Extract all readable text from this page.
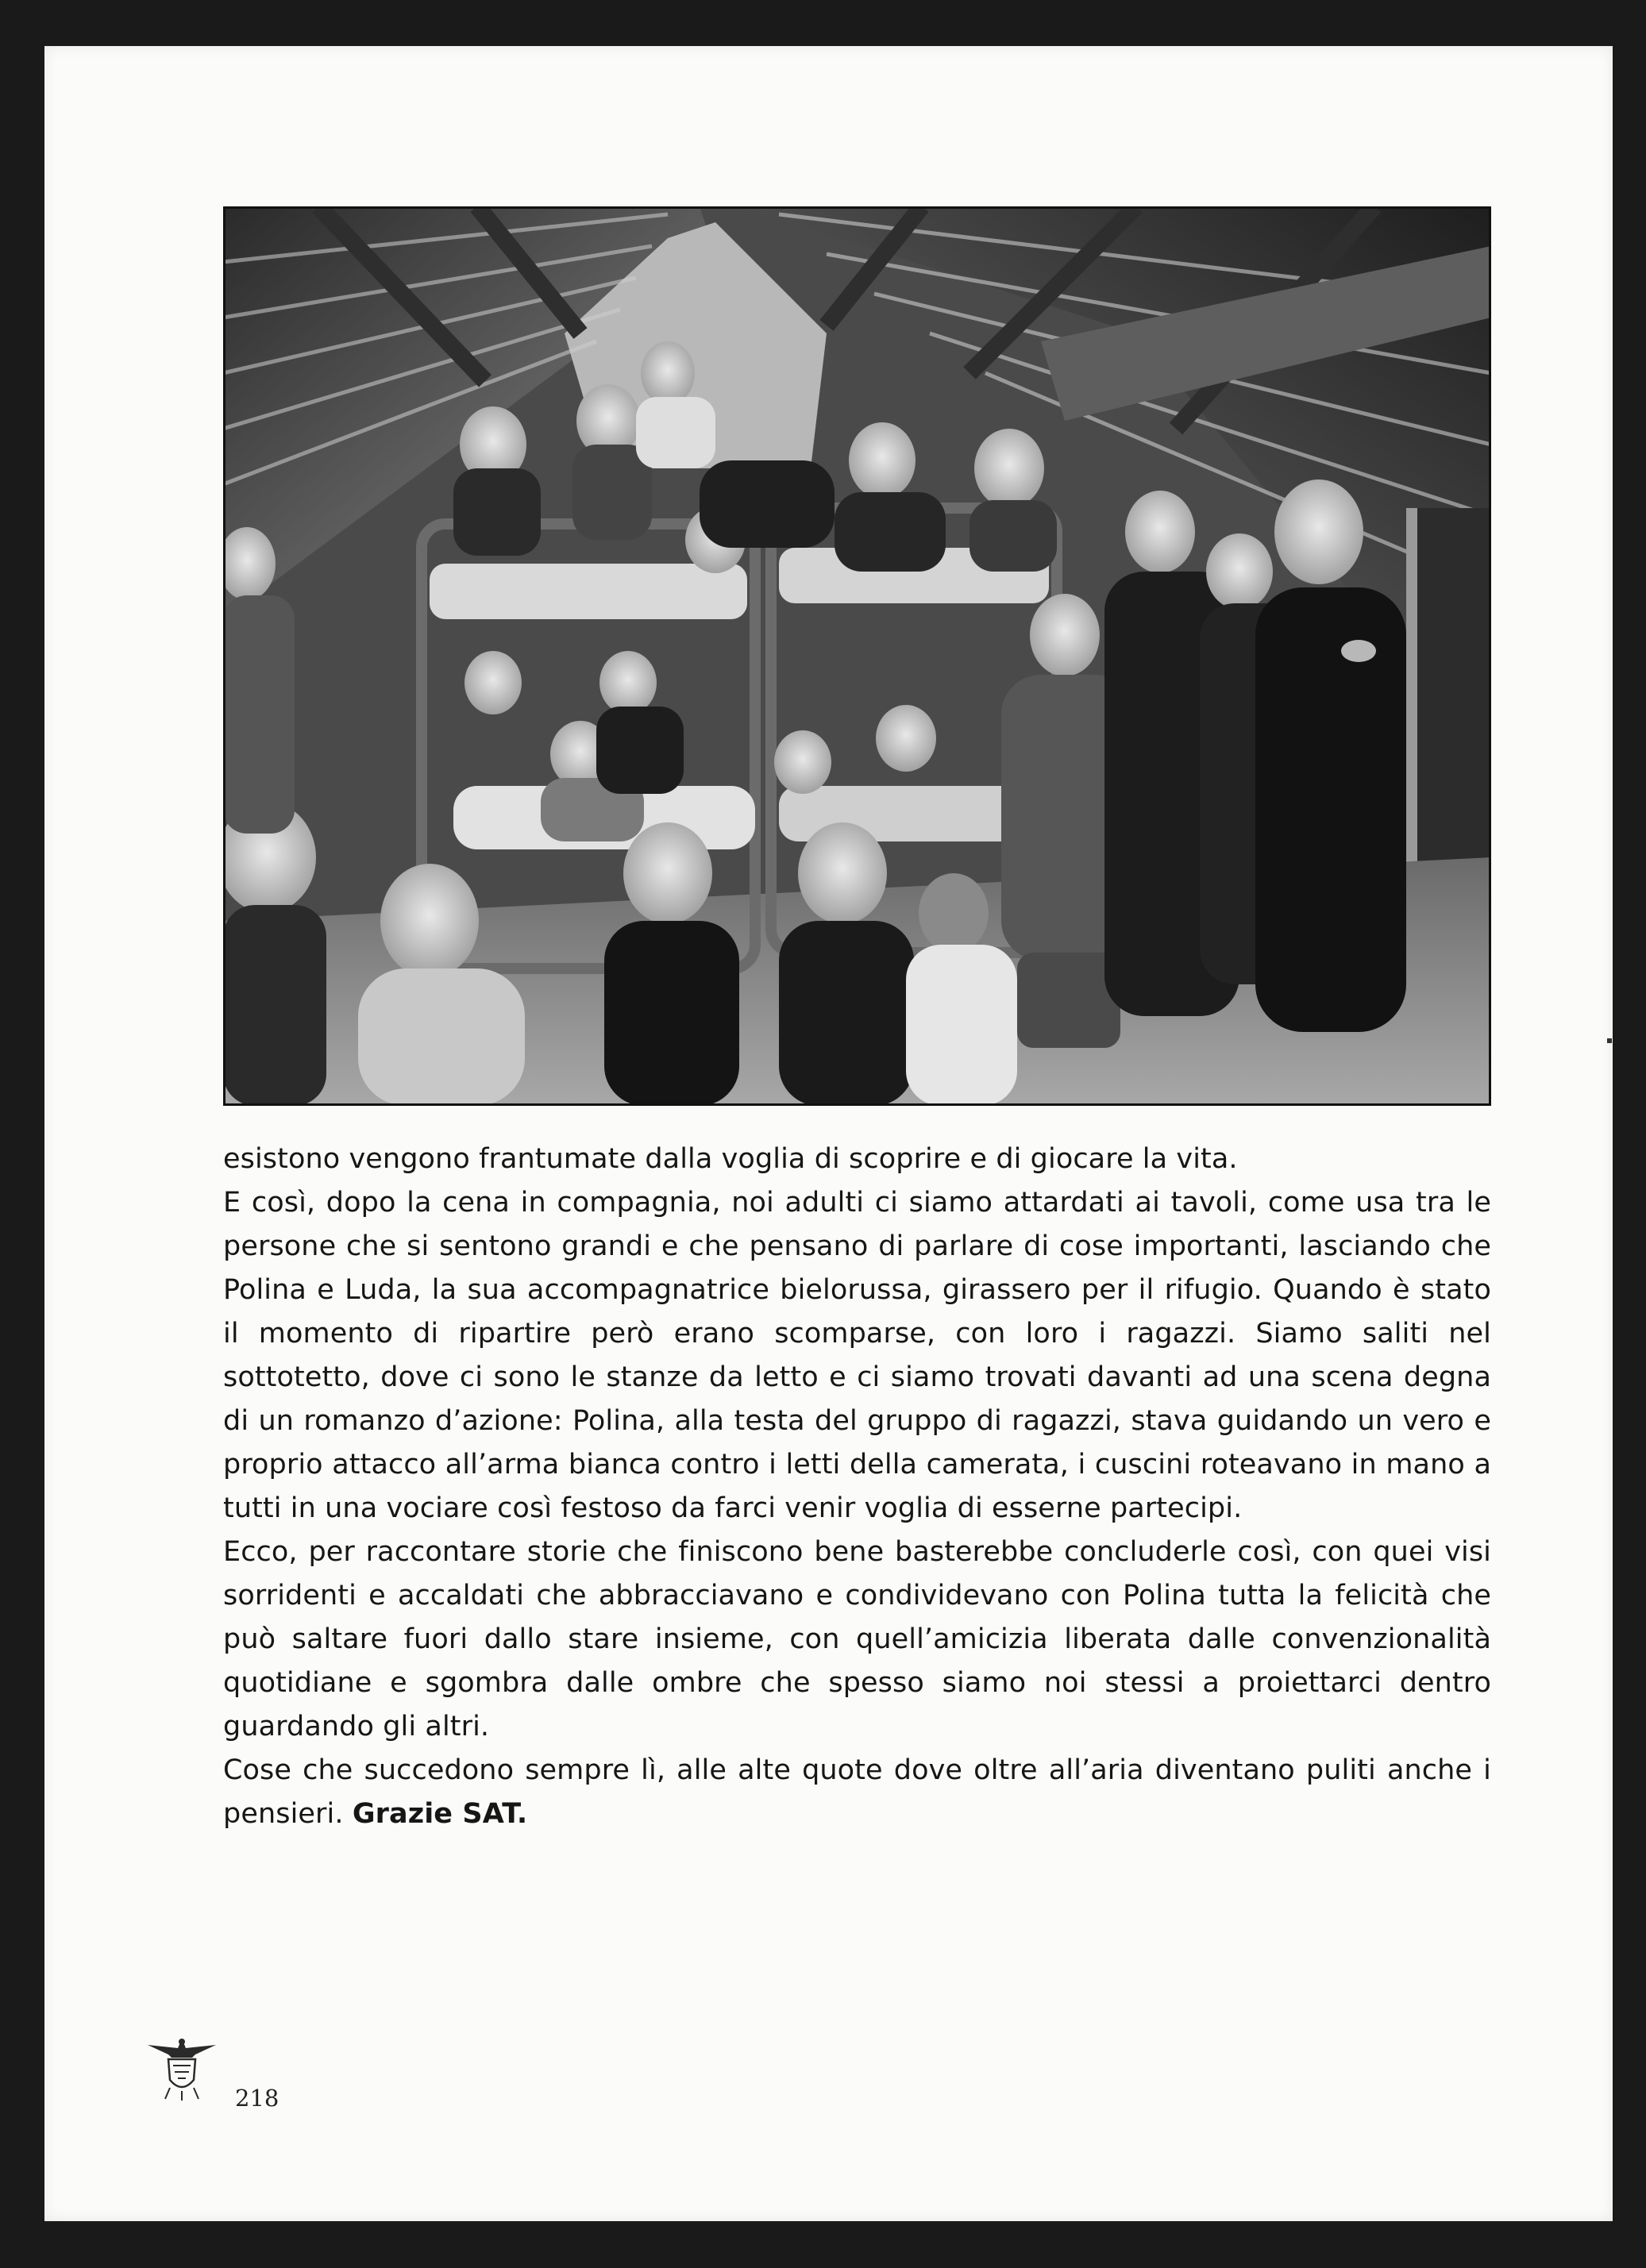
esistono vengono frantumate dalla voglia di scoprire e di giocare la vita.

E così, dopo la cena in compagnia, noi adulti ci siamo attardati ai tavoli, come usa tra le persone che si sentono grandi e che pensano di parlare di cose importanti, lasciando che Polina e Luda, la sua accompagnatrice bielorussa, girassero per il rifugio. Quando è stato il momento di ripartire però erano scomparse, con loro i ragazzi. Siamo saliti nel sottotetto, dove ci sono le stanze da letto e ci siamo trovati davanti ad una scena degna di un romanzo d’azione: Polina, alla testa del gruppo di ragazzi, stava guidando un vero e proprio attacco all’arma bianca contro i letti della camerata, i cuscini roteavano in mano a tutti in una vociare così festoso da farci venir voglia di esserne partecipi.

Ecco, per raccontare storie che finiscono bene basterebbe concluderle così, con quei visi sorridenti e accaldati che abbracciavano e condividevano con Polina tutta la felicità che può saltare fuori dallo stare insieme, con quell’amicizia liberata dalle convenzionalità quotidiane e sgombra dalle ombre che spesso siamo noi stessi a proiettarci dentro guardando gli altri.

Cose che succedono sempre lì, alle alte quote dove oltre all’aria diventano puliti anche i pensieri. Grazie SAT.

218
